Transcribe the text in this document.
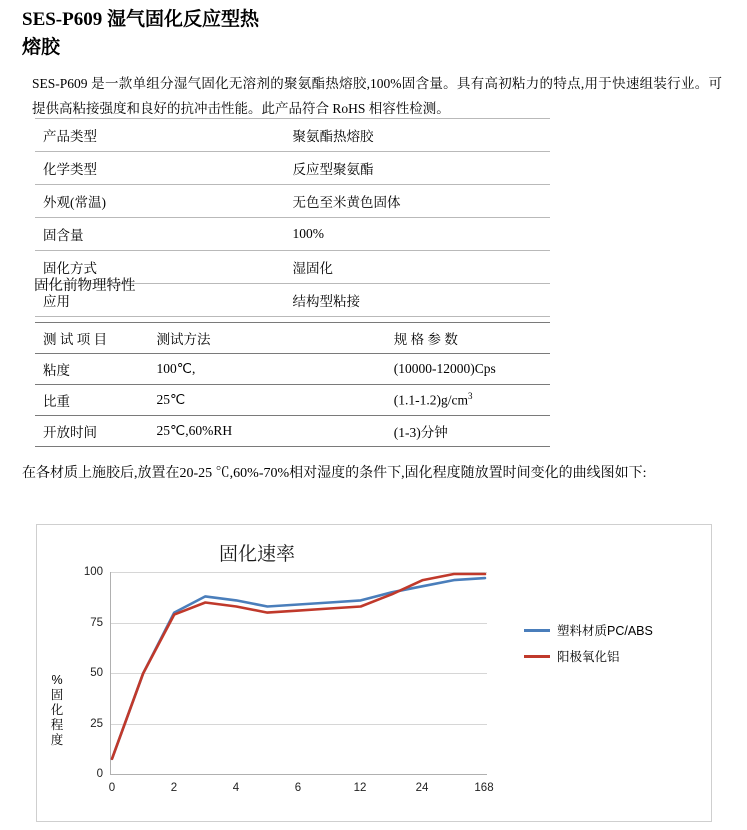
SES-P609 湿气固化反应型热
熔胶
SES-P609 是一款单组分湿气固化无溶剂的聚氨酯热熔胶,100%固含量。具有高初粘力的特点,用于快速组装行业。可提供高粘接强度和良好的抗冲击性能。此产品符合 RoHS 相容性检测。
产品类型	聚氨酯热熔胶
化学类型	反应型聚氨酯
外观(常温)	无色至米黄色固体
固含量	100%
固化方式	湿固化
应用	结构型粘接
固化前物理特性
测 试 项 目	测试方法	规 格 参 数
粘度	100℃,	(10000-12000)Cps
比重	25℃	$(1.1-1.2)g/cm^3$
开放时间	25℃,60%RH	(1-3)分钟
在各材质上施胶后,放置在20-25 ℃,60%-70%相对湿度的条件下,固化程度随放置时间变化的曲线图如下:
固化速率
% 固化程度
100
75
50
25
0
0	2	4	6	12	24	168
塑料材质PC/ABS
阳极氧化铝
